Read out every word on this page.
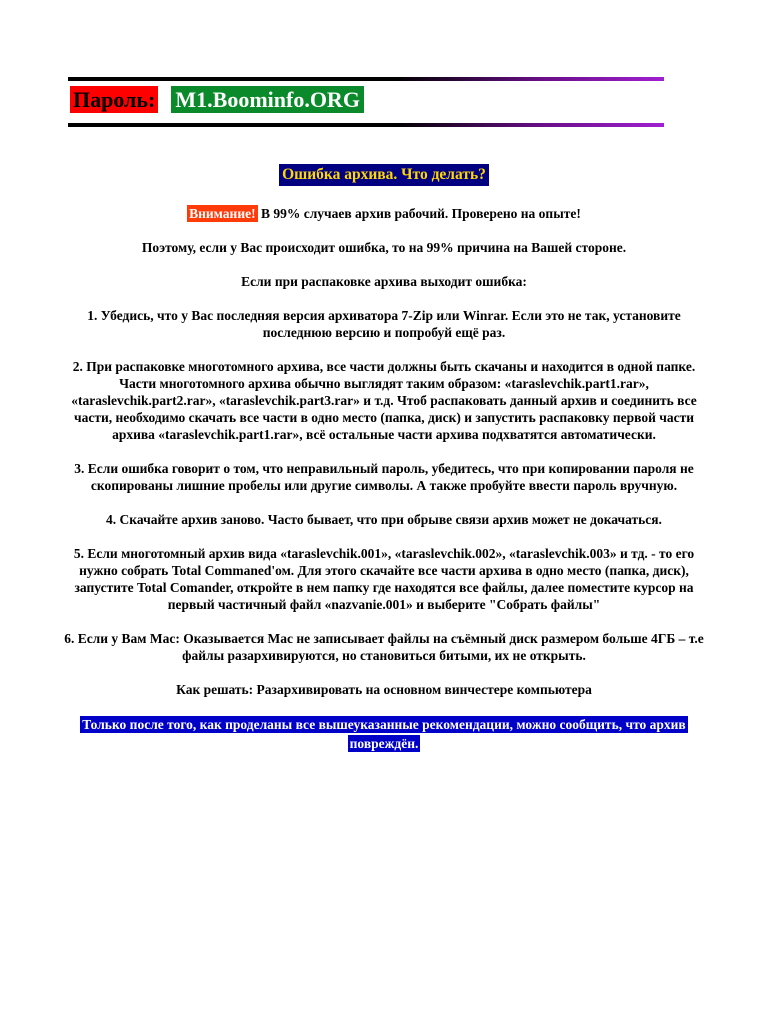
Пароль: M1.Boominfo.ORG
Ошибка архива. Что делать?

Внимание! В 99% случаев архив рабочий. Проверено на опыте!

Поэтому, если у Вас происходит ошибка, то на 99% причина на Вашей стороне.

Если при распаковке архива выходит ошибка:

1. Убедись, что у Вас последняя версия архиватора 7-Zip или Winrar. Если это не так, установите последнюю версию и попробуй ещё раз.

2. При распаковке многотомного архива, все части должны быть скачаны и находится в одной папке. Части многотомного архива обычно выглядят таким образом: «taraslevchik.part1.rar», «taraslevchik.part2.rar», «taraslevchik.part3.rar» и т.д. Чтоб распаковать данный архив и соединить все части, необходимо скачать все части в одно место (папка, диск) и запустить распаковку первой части архива «taraslevchik.part1.rar», всё остальные части архива подхватятся автоматически.

3. Если ошибка говорит о том, что неправильный пароль, убедитесь, что при копировании пароля не скопированы лишние пробелы или другие символы. А также пробуйте ввести пароль вручную.

4. Скачайте архив заново. Часто бывает, что при обрыве связи архив может не докачаться.

5. Если многотомный архив вида «taraslevchik.001», «taraslevchik.002», «taraslevchik.003» и тд. - то его нужно собрать Total Commaned'ом. Для этого скачайте все части архива в одно место (папка, диск), запустите Total Comander, откройте в нем папку где находятся все файлы, далее поместите курсор на первый частичный файл «nazvanie.001» и выберите "Собрать файлы"

6. Если у Вам Mac: Оказывается Mac не записывает файлы на съёмный диск размером больше 4ГБ – т.е файлы разархивируются, но становиться битыми, их не открыть.

Как решать: Разархивировать на основном винчестере компьютера

Только после того, как проделаны все вышеуказанные рекомендации, можно сообщить, что архив повреждён.
